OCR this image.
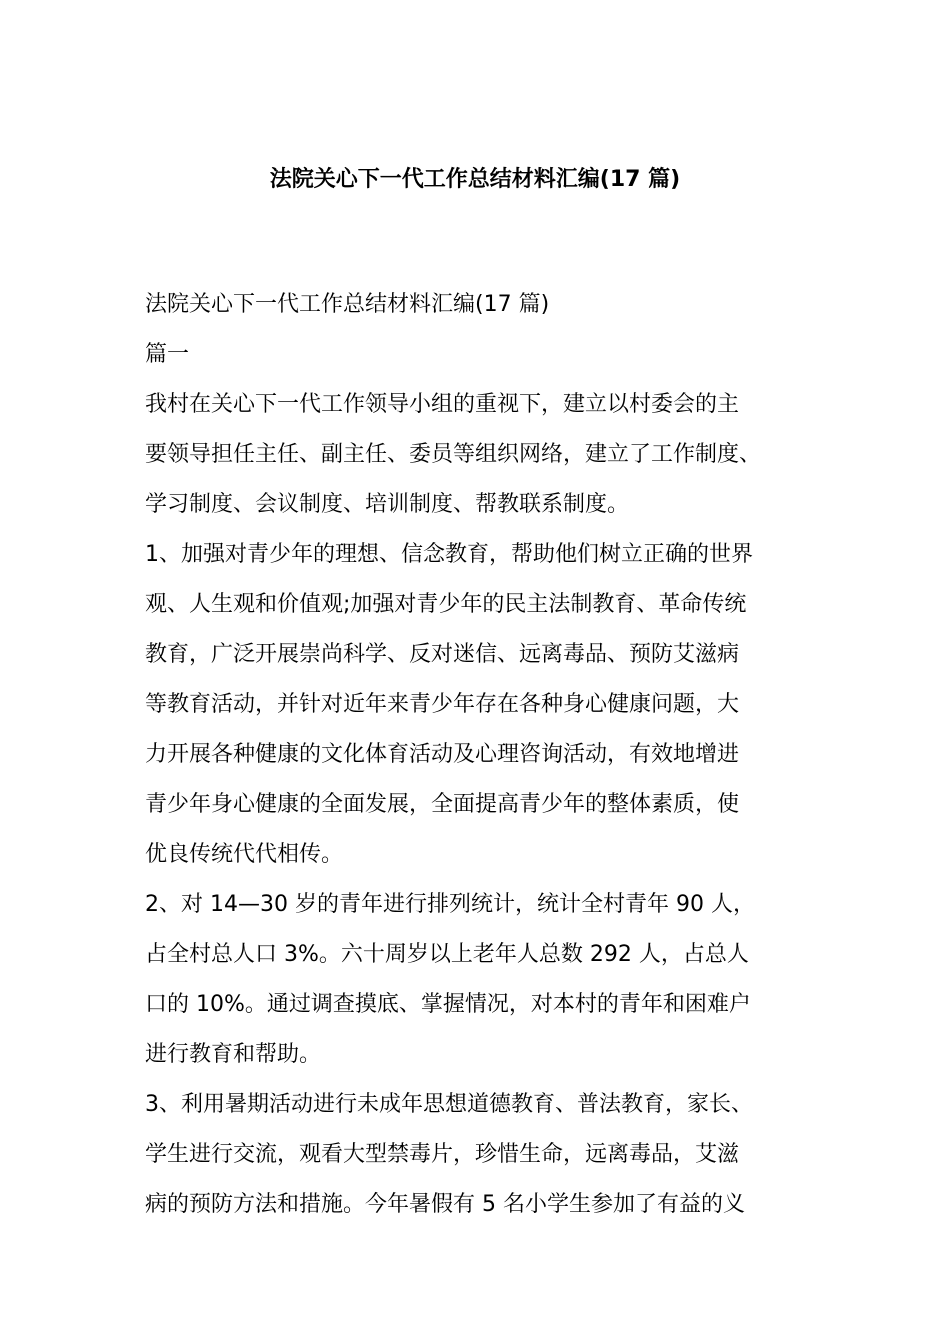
法院关心下一代工作总结材料汇编(17 篇)
法院关心下一代工作总结材料汇编(17 篇)
篇一
我村在关心下一代工作领导小组的重视下，建立以村委会的主
要领导担任主任、副主任、委员等组织网络，建立了工作制度、
学习制度、会议制度、培训制度、帮教联系制度。
1、加强对青少年的理想、信念教育，帮助他们树立正确的世界
观、人生观和价值观;加强对青少年的民主法制教育、革命传统
教育，广泛开展崇尚科学、反对迷信、远离毒品、预防艾滋病
等教育活动，并针对近年来青少年存在各种身心健康问题，大
力开展各种健康的文化体育活动及心理咨询活动，有效地增进
青少年身心健康的全面发展，全面提高青少年的整体素质，使
优良传统代代相传。
2、对 14—30 岁的青年进行排列统计，统计全村青年 90 人，
占全村总人口 3%。六十周岁以上老年人总数 292 人，占总人
口的 10%。通过调查摸底、掌握情况，对本村的青年和困难户
进行教育和帮助。
3、利用暑期活动进行未成年思想道德教育、普法教育，家长、
学生进行交流，观看大型禁毒片，珍惜生命，远离毒品，艾滋
病的预防方法和措施。今年暑假有 5 名小学生参加了有益的义
